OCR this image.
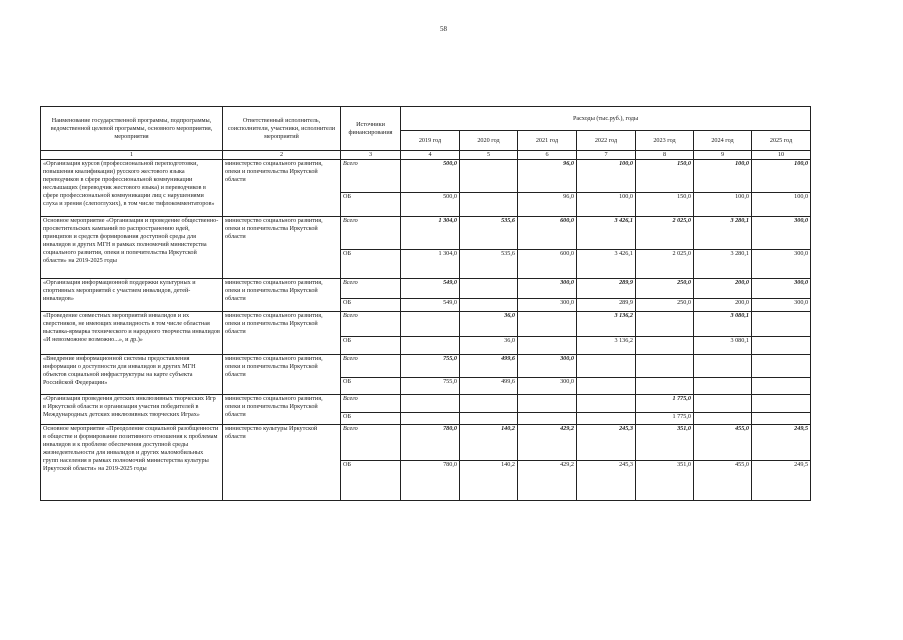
58
Наименование государственной программы, подпрограммы, ведомственной целевой программы, основного мероприятия, мероприятия	Ответственный исполнитель, соисполнители, участники, исполнители мероприятий	Источники финансирования	Расходы (тыс.руб.), годы						
			2019 год	2020 год	2021 год	2022 год	2023 год	2024 год	2025 год
1	2	3	4	5	6	7	8	9	10
«Организация курсов (профессиональной переподготовки, повышения квалификации) русского жестового языка переводчиков в сфере профессиональной коммуникации неслышащих (переводчик жестового языка) и переводчиков в сфере профессиональной коммуникации лиц с нарушениями слуха и зрения (слепоглухих), в том числе тифлокомментаторов»	министерство социального развития, опеки и попечительства Иркутской области	Всего	500,0		96,0	100,0	150,0	100,0	100,0
		ОБ	500,0		96,0	100,0	150,0	100,0	100,0
Основное мероприятие «Организация и проведение общественно-просветительских кампаний по распространению идей, принципов и средств формирования доступной среды для инвалидов и других МГН в рамках полномочий министерства социального развития, опеки и попечительства Иркутской области» на 2019-2025 годы	министерство социального развития, опеки и попечительства Иркутской области	Всего	1 304,0	535,6	600,0	3 426,1	2 025,0	3 280,1	300,0
		ОБ	1 304,0	535,6	600,0	3 426,1	2 025,0	3 280,1	300,0
«Организация информационной поддержки культурных и спортивных мероприятий с участием инвалидов, детей-инвалидов»	министерство социального развития, опеки и попечительства Иркутской области	Всего	549,0		300,0	289,9	250,0	200,0	300,0
		ОБ	549,0		300,0	289,9	250,0	200,0	300,0
«Проведение совместных мероприятий инвалидов и их сверстников, не имеющих инвалидность в том числе областная выставка-ярмарка технического и народного творчества инвалидов «И невозможное возможно...», и др.)»	министерство социального развития, опеки и попечительства Иркутской области	Всего		36,0		3 136,2		3 080,1	
		ОБ		36,0		3 136,2		3 080,1	
«Внедрение информационной системы предоставления информации о доступности для инвалидов и других МГН объектов социальной инфраструктуры на карте субъекта Российской Федерации»	министерство социального развития, опеки и попечительства Иркутской области	Всего	755,0	499,6	300,0				
		ОБ	755,0	499,6	300,0				
«Организация проведения детских инклюзивных творческих Игр в Иркутской области и организация участия победителей в Международных детских инклюзивных творческих Играх»	министерство социального развития, опеки и попечительства Иркутской области	Всего					1 775,0		
		ОБ					1 775,0		
Основное мероприятие «Преодоление социальной разобщенности в обществе и формирование позитивного отношения к проблемам инвалидов и к проблеме обеспечения доступной среды жизнедеятельности для инвалидов и других маломобильных групп населения в рамках полномочий министерства культуры Иркутской области» на 2019-2025 годы	министерство культуры Иркутской области	Всего	780,0	140,2	429,2	245,3	351,0	455,0	249,5
		ОБ	780,0	140,2	429,2	245,3	351,0	455,0	249,5
